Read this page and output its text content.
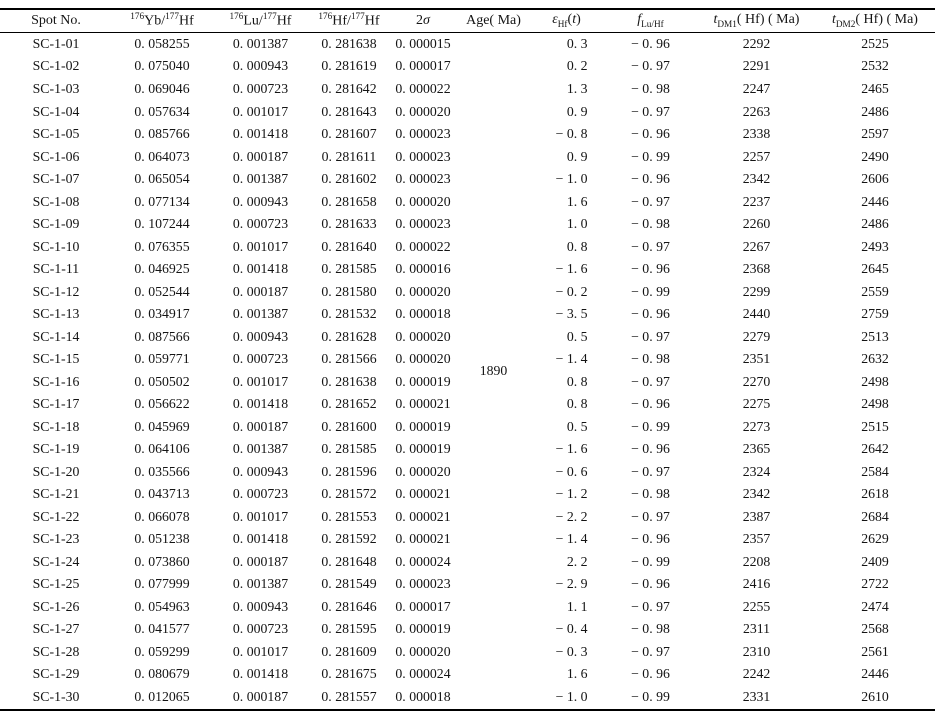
Spot No.	$^{176}$Yb/$^{177}$Hf	$^{176}$Lu/$^{177}$Hf	$^{176}$Hf/$^{177}$Hf	2σ	Age( Ma)	$\varepsilon_{Hf}(t)$	$f_{Lu/Hf}$	$t_{DM1}$( Hf) ( Ma)	$t_{DM2}$( Hf) ( Ma)
SC-1-01	0. 058255	0. 001387	0. 281638	0. 000015	1890	0. 3	− 0. 96	2292	2525
SC-1-02	0. 075040	0. 000943	0. 281619	0. 000017		0. 2	− 0. 97	2291	2532
SC-1-03	0. 069046	0. 000723	0. 281642	0. 000022		1. 3	− 0. 98	2247	2465
SC-1-04	0. 057634	0. 001017	0. 281643	0. 000020		0. 9	− 0. 97	2263	2486
SC-1-05	0. 085766	0. 001418	0. 281607	0. 000023		− 0. 8	− 0. 96	2338	2597
SC-1-06	0. 064073	0. 000187	0. 281611	0. 000023		0. 9	− 0. 99	2257	2490
SC-1-07	0. 065054	0. 001387	0. 281602	0. 000023		− 1. 0	− 0. 96	2342	2606
SC-1-08	0. 077134	0. 000943	0. 281658	0. 000020		1. 6	− 0. 97	2237	2446
SC-1-09	0. 107244	0. 000723	0. 281633	0. 000023		1. 0	− 0. 98	2260	2486
SC-1-10	0. 076355	0. 001017	0. 281640	0. 000022		0. 8	− 0. 97	2267	2493
SC-1-11	0. 046925	0. 001418	0. 281585	0. 000016		− 1. 6	− 0. 96	2368	2645
SC-1-12	0. 052544	0. 000187	0. 281580	0. 000020		− 0. 2	− 0. 99	2299	2559
SC-1-13	0. 034917	0. 001387	0. 281532	0. 000018		− 3. 5	− 0. 96	2440	2759
SC-1-14	0. 087566	0. 000943	0. 281628	0. 000020		0. 5	− 0. 97	2279	2513
SC-1-15	0. 059771	0. 000723	0. 281566	0. 000020		− 1. 4	− 0. 98	2351	2632
SC-1-16	0. 050502	0. 001017	0. 281638	0. 000019		0. 8	− 0. 97	2270	2498
SC-1-17	0. 056622	0. 001418	0. 281652	0. 000021		0. 8	− 0. 96	2275	2498
SC-1-18	0. 045969	0. 000187	0. 281600	0. 000019		0. 5	− 0. 99	2273	2515
SC-1-19	0. 064106	0. 001387	0. 281585	0. 000019		− 1. 6	− 0. 96	2365	2642
SC-1-20	0. 035566	0. 000943	0. 281596	0. 000020		− 0. 6	− 0. 97	2324	2584
SC-1-21	0. 043713	0. 000723	0. 281572	0. 000021		− 1. 2	− 0. 98	2342	2618
SC-1-22	0. 066078	0. 001017	0. 281553	0. 000021		− 2. 2	− 0. 97	2387	2684
SC-1-23	0. 051238	0. 001418	0. 281592	0. 000021		− 1. 4	− 0. 96	2357	2629
SC-1-24	0. 073860	0. 000187	0. 281648	0. 000024		2. 2	− 0. 99	2208	2409
SC-1-25	0. 077999	0. 001387	0. 281549	0. 000023		− 2. 9	− 0. 96	2416	2722
SC-1-26	0. 054963	0. 000943	0. 281646	0. 000017		1. 1	− 0. 97	2255	2474
SC-1-27	0. 041577	0. 000723	0. 281595	0. 000019		− 0. 4	− 0. 98	2311	2568
SC-1-28	0. 059299	0. 001017	0. 281609	0. 000020		− 0. 3	− 0. 97	2310	2561
SC-1-29	0. 080679	0. 001418	0. 281675	0. 000024		1. 6	− 0. 96	2242	2446
SC-1-30	0. 012065	0. 000187	0. 281557	0. 000018		− 1. 0	− 0. 99	2331	2610
